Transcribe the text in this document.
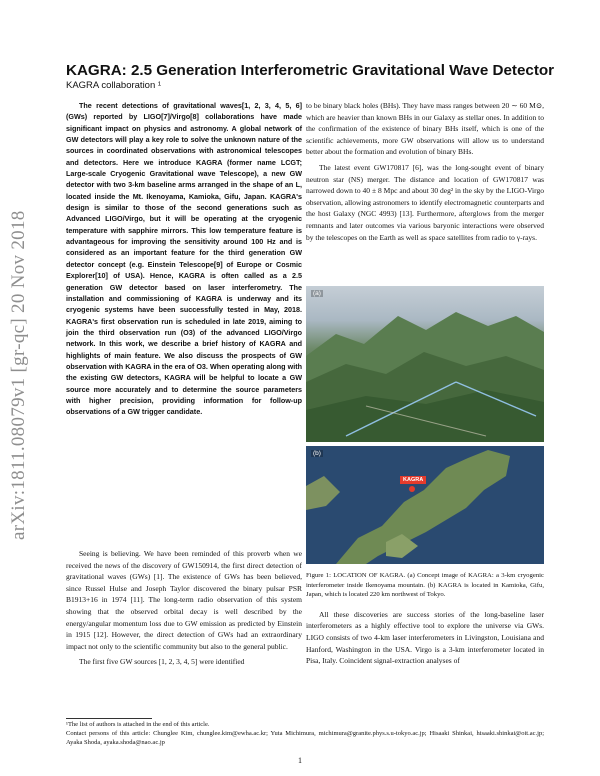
arXiv:1811.08079v1 [gr-qc] 20 Nov 2018
KAGRA: 2.5 Generation Interferometric Gravitational Wave Detector
KAGRA collaboration ¹

The recent detections of gravitational waves[1, 2, 3, 4, 5, 6] (GWs) reported by LIGO[7]/Virgo[8] collaborations have made significant impact on physics and astronomy. A global network of GW detectors will play a key role to solve the unknown nature of the sources in coordinated observations with astronomical telescopes and detectors. Here we introduce KAGRA (former name LCGT; Large-scale Cryogenic Gravitational wave Telescope), a new GW detector with two 3-km baseline arms arranged in the shape of an L, located inside the Mt. Ikenoyama, Kamioka, Gifu, Japan. KAGRA's design is similar to those of the second generations such as Advanced LIGO/Virgo, but it will be operating at the cryogenic temperature with sapphire mirrors. This low temperature feature is advantageous for improving the sensitivity around 100 Hz and is considered as an important feature for the third generation GW detector concept (e.g. Einstein Telescope[9] of Europe or Cosmic Explorer[10] of USA). Hence, KAGRA is often called as a 2.5 generation GW detector based on laser interferometry. The installation and commissioning of KAGRA is underway and its cryogenic systems have been successfully tested in May, 2018. KAGRA's first observation run is scheduled in late 2019, aiming to join the third observation run (O3) of the advanced LIGO/Virgo network. In this work, we describe a brief history of KAGRA and highlights of main feature. We also discuss the prospects of GW observation with KAGRA in the era of O3. When operating along with the existing GW detectors, KAGRA will be helpful to locate a GW source more accurately and to determine the source parameters with higher precision, providing information for follow-up observations of a GW trigger candidate.

Seeing is believing. We have been reminded of this proverb when we received the news of the discovery of GW150914, the first direct detection of gravitational waves (GWs) [1]. The existence of GWs has been believed, since Russel Hulse and Joseph Taylor discovered the binary pulsar PSR B1913+16 in 1974 [11]. The long-term radio observation of this system showing that the observed orbital decay is well described by the energy/angular momentum loss due to GW emission as predicted by Einstein in 1915 [12]. However, the direct detection of GWs had an extraordinary impact not only to the scientific community but also to the general public.

The first five GW sources [1, 2, 3, 4, 5] were identified

to be binary black holes (BHs). They have mass ranges between 20 ∼ 60 M⊙, which are heavier than known BHs in our Galaxy as stellar ones. In addition to the confirmation of the existence of binary BHs itself, which is one of the scientific achievements, more GW observations will allow us to understand better about the formation and evolution of binary BHs.

The latest event GW170817 [6], was the long-sought event of binary neutron star (NS) merger. The distance and location of GW170817 was narrowed down to 40 ± 8 Mpc and about 30 deg² in the sky by the LIGO-Virgo observation, allowing astronomers to identify electromagnetic counterparts and the host Galaxy (NGC 4993) [13]. Furthermore, afterglows from the merger remnants and later outcomes via various baryonic interactions were observed by the telescopes on the Earth as well as space satellites from radio to γ-rays.

(a)
(b)
KAGRA

Figure 1: LOCATION OF KAGRA. (a) Concept image of KAGRA: a 3-km cryogenic interferometer inside Ikenoyama mountain. (b) KAGRA is located in Kamioka, Gifu, Japan, which is located 220 km northwest of Tokyo.

All these discoveries are success stories of the long-baseline laser interferometers as a highly effective tool to explore the universe via GWs. LIGO consists of two 4-km laser interferometers in Livingston, Louisiana and Hanford, Washington in the USA. Virgo is a 3-km interferometer located in Pisa, Italy. Coincident signal-extraction analyses of

¹The list of authors is attached in the end of this article.
Contact persons of this article: Chunglee Kim, chunglee.kim@ewha.ac.kr; Yuta Michimura, michimura@granite.phys.s.u-tokyo.ac.jp; Hisaaki Shinkai, hisaaki.shinkai@oit.ac.jp; Ayaka Shoda, ayaka.shoda@nao.ac.jp
1
